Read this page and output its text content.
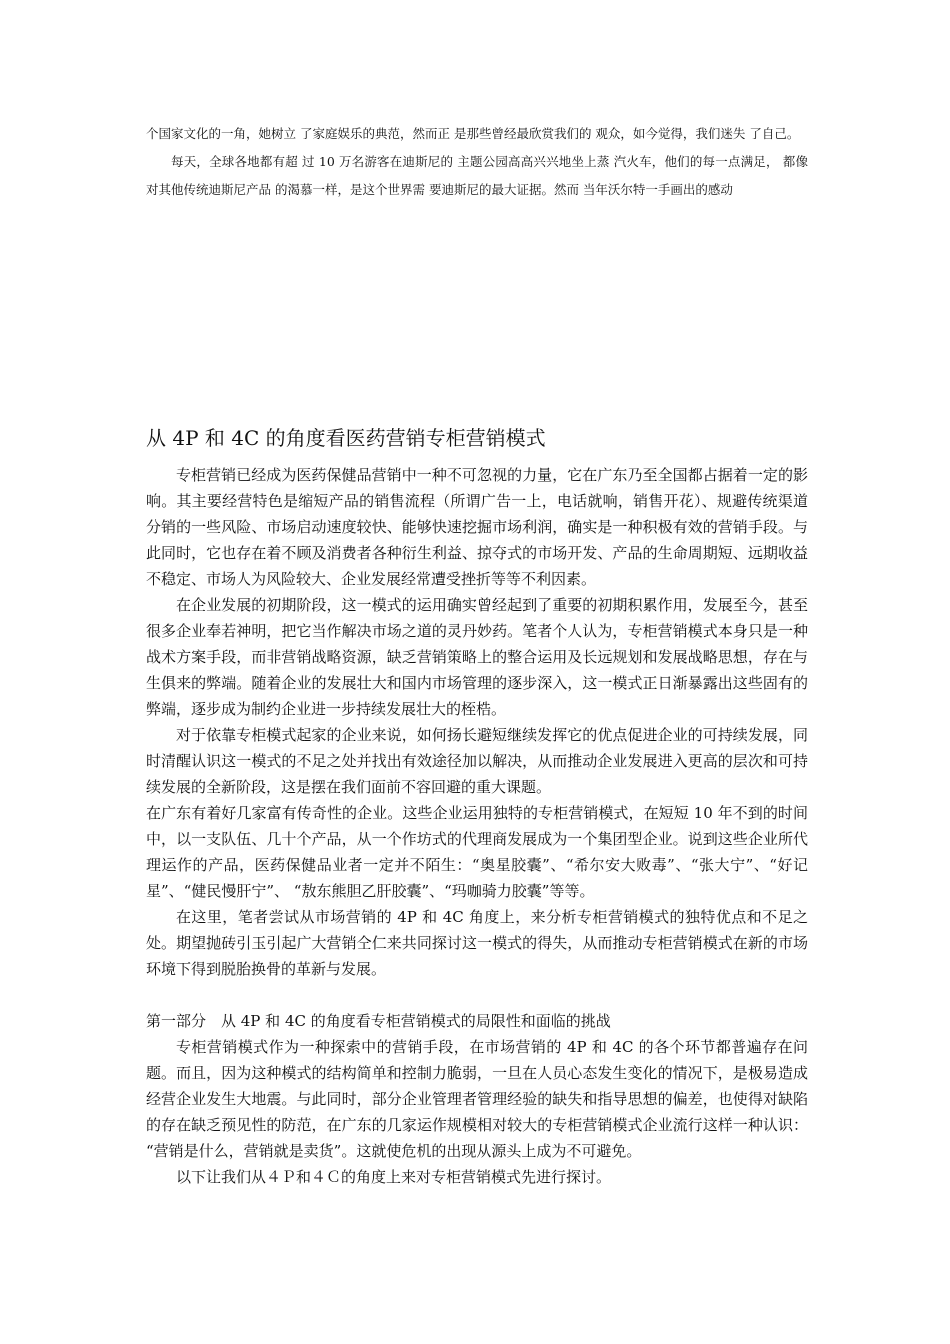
个国家文化的一角，她树立 了家庭娱乐的典范，然而正 是那些曾经最欣赏我们的 观众，如今觉得，我们迷失 了自己。

每天，全球各地都有超 过 10 万名游客在迪斯尼的 主题公园高高兴兴地坐上蒸 汽火车，他们的每一点满足， 都像对其他传统迪斯尼产品 的渴慕一样，是这个世界需 要迪斯尼的最大证据。然而 当年沃尔特一手画出的感动

从 4P 和 4C 的角度看医药营销专柜营销模式

专柜营销已经成为医药保健品营销中一种不可忽视的力量，它在广东乃至全国都占据着一定的影响。其主要经营特色是缩短产品的销售流程（所谓广告一上，电话就响，销售开花）、规避传统渠道分销的一些风险、市场启动速度较快、能够快速挖掘市场利润，确实是一种积极有效的营销手段。与此同时，它也存在着不顾及消费者各种衍生利益、掠夺式的市场开发、产品的生命周期短、远期收益不稳定、市场人为风险较大、企业发展经常遭受挫折等等不利因素。

在企业发展的初期阶段，这一模式的运用确实曾经起到了重要的初期积累作用，发展至今，甚至很多企业奉若神明，把它当作解决市场之道的灵丹妙药。笔者个人认为，专柜营销模式本身只是一种战术方案手段，而非营销战略资源，缺乏营销策略上的整合运用及长远规划和发展战略思想，存在与生俱来的弊端。随着企业的发展壮大和国内市场管理的逐步深入，这一模式正日渐暴露出这些固有的弊端，逐步成为制约企业进一步持续发展壮大的桎梏。

对于依靠专柜模式起家的企业来说，如何扬长避短继续发挥它的优点促进企业的可持续发展，同时清醒认识这一模式的不足之处并找出有效途径加以解决，从而推动企业发展进入更高的层次和可持续发展的全新阶段，这是摆在我们面前不容回避的重大课题。

在广东有着好几家富有传奇性的企业。这些企业运用独特的专柜营销模式，在短短 10 年不到的时间中，以一支队伍、几十个产品，从一个作坊式的代理商发展成为一个集团型企业。说到这些企业所代理运作的产品，医药保健品业者一定并不陌生：“奥星胶囊”、“希尔安大败毒”、“张大宁”、“好记星”、“健民慢肝宁”、 “敖东熊胆乙肝胶囊”、“玛咖骑力胶囊”等等。

在这里，笔者尝试从市场营销的 4P 和 4C 角度上，来分析专柜营销模式的独特优点和不足之处。期望抛砖引玉引起广大营销仝仁来共同探讨这一模式的得失，从而推动专柜营销模式在新的市场环境下得到脱胎换骨的革新与发展。

第一部分　从 4P 和 4C 的角度看专柜营销模式的局限性和面临的挑战

专柜营销模式作为一种探索中的营销手段，在市场营销的 4P 和 4C 的各个环节都普遍存在问题。而且，因为这种模式的结构简单和控制力脆弱，一旦在人员心态发生变化的情况下，是极易造成经营企业发生大地震。与此同时，部分企业管理者管理经验的缺失和指导思想的偏差，也使得对缺陷的存在缺乏预见性的防范，在广东的几家运作规模相对较大的专柜营销模式企业流行这样一种认识： “营销是什么，营销就是卖货”。这就使危机的出现从源头上成为不可避免。

以下让我们从４Ｐ和４Ｃ的角度上来对专柜营销模式先进行探讨。
